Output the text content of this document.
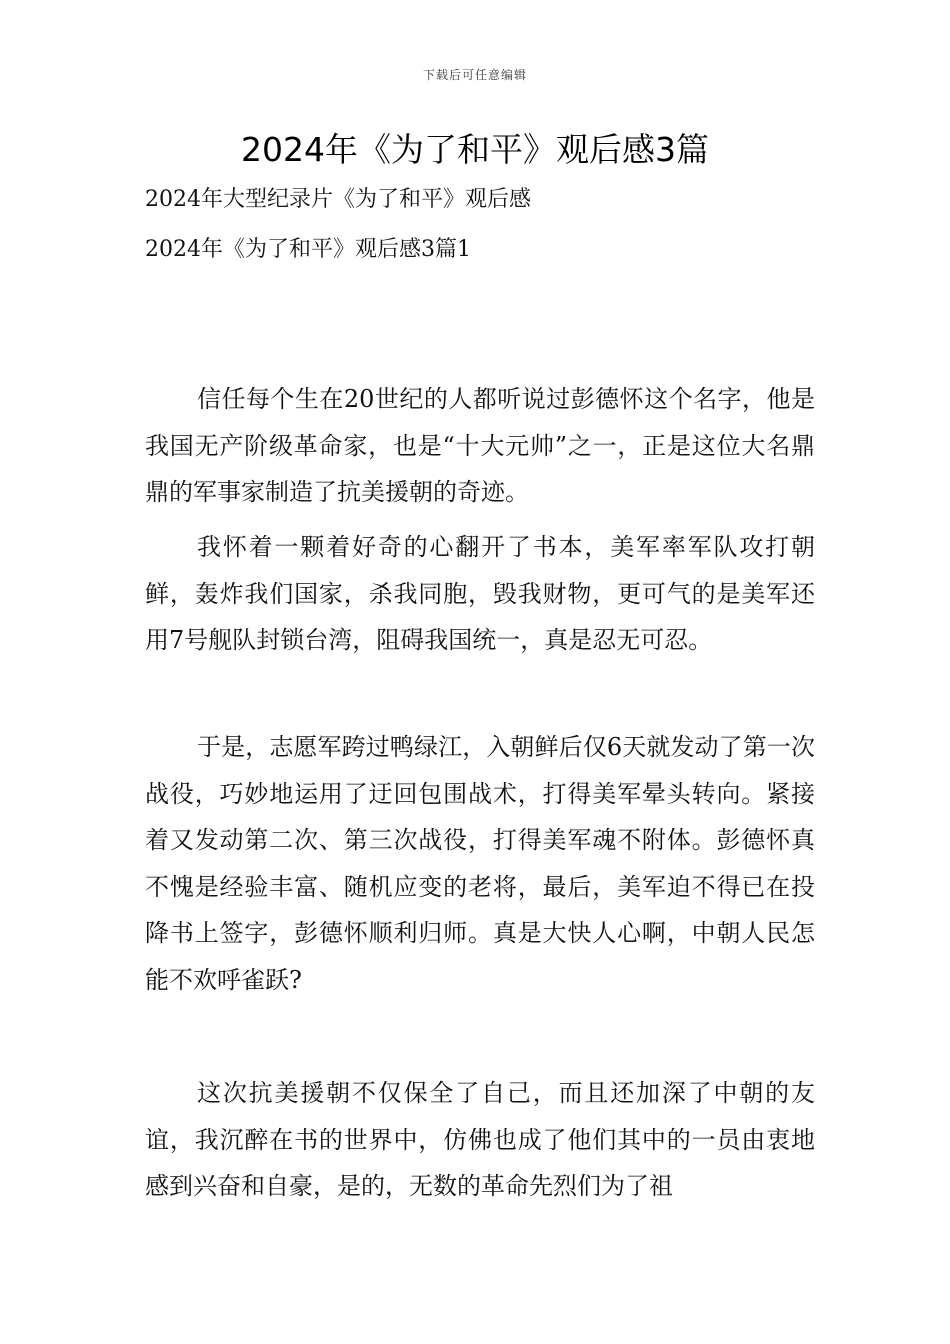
下载后可任意编辑
2024年《为了和平》观后感3篇
2024年大型纪录片《为了和平》观后感
2024年《为了和平》观后感3篇1

信任每个生在20世纪的人都听说过彭德怀这个名字，他是我国无产阶级革命家，也是“十大元帅”之一，正是这位大名鼎鼎的军事家制造了抗美援朝的奇迹。

我怀着一颗着好奇的心翻开了书本，美军率军队攻打朝鲜，轰炸我们国家，杀我同胞，毁我财物，更可气的是美军还用7号舰队封锁台湾，阻碍我国统一，真是忍无可忍。

于是，志愿军跨过鸭绿江，入朝鲜后仅6天就发动了第一次战役，巧妙地运用了迂回包围战术，打得美军晕头转向。紧接着又发动第二次、第三次战役，打得美军魂不附体。彭德怀真不愧是经验丰富、随机应变的老将，最后，美军迫不得已在投降书上签字，彭德怀顺利归师。真是大快人心啊，中朝人民怎能不欢呼雀跃?

这次抗美援朝不仅保全了自己，而且还加深了中朝的友谊，我沉醉在书的世界中，仿佛也成了他们其中的一员由衷地感到兴奋和自豪，是的，无数的革命先烈们为了祖
